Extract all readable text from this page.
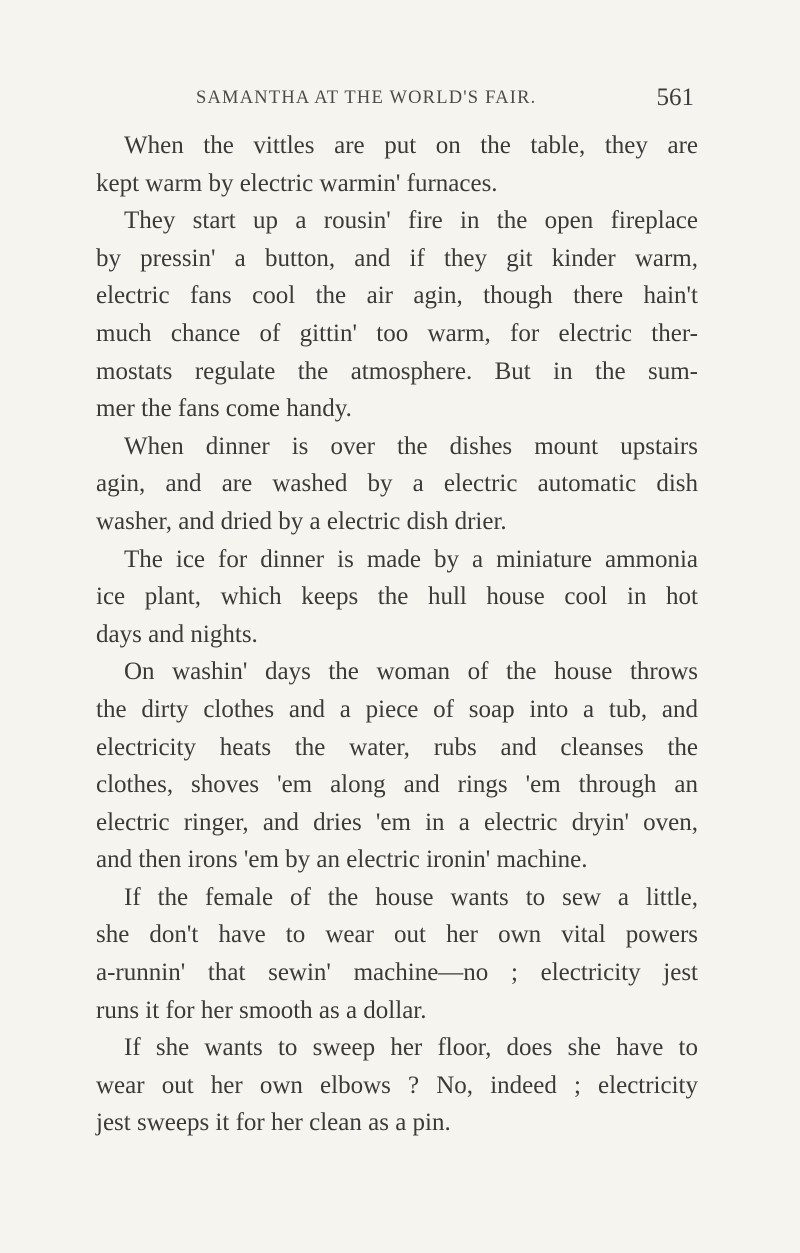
SAMANTHA AT THE WORLD'S FAIR.	561
When the vittles are put on the table, they are
kept warm by electric warmin' furnaces.
They start up a rousin' fire in the open fireplace
by pressin' a button, and if they git kinder warm,
electric fans cool the air agin, though there hain't
much chance of gittin' too warm, for electric ther-
mostats regulate the atmosphere. But in the sum-
mer the fans come handy.
When dinner is over the dishes mount upstairs
agin, and are washed by a electric automatic dish
washer, and dried by a electric dish drier.
The ice for dinner is made by a miniature ammonia
ice plant, which keeps the hull house cool in hot
days and nights.
On washin' days the woman of the house throws
the dirty clothes and a piece of soap into a tub, and
electricity heats the water, rubs and cleanses the
clothes, shoves 'em along and rings 'em through an
electric ringer, and dries 'em in a electric dryin' oven,
and then irons 'em by an electric ironin' machine.
If the female of the house wants to sew a little,
she don't have to wear out her own vital powers
a-runnin' that sewin' machine—no ; electricity jest
runs it for her smooth as a dollar.
If she wants to sweep her floor, does she have to
wear out her own elbows ? No, indeed ; electricity
jest sweeps it for her clean as a pin.
